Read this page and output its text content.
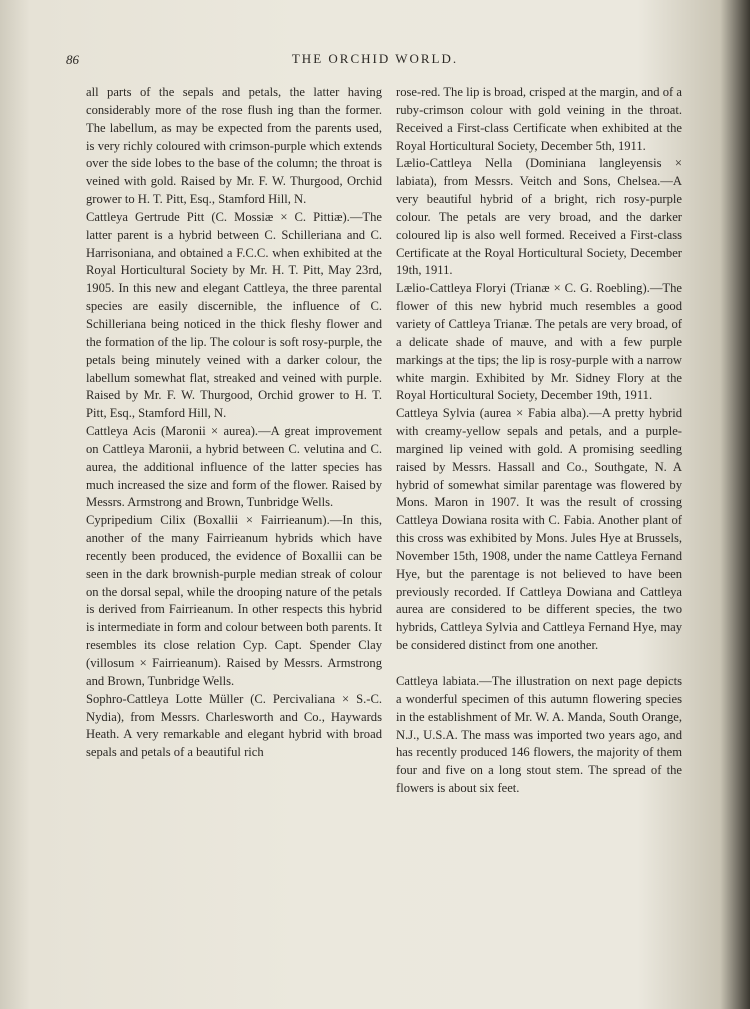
86	THE ORCHID WORLD.

all parts of the sepals and petals, the latter having considerably more of the rose flush ing than the former. The labellum, as may be expected from the parents used, is very richly coloured with crimson-purple which extends over the side lobes to the base of the column; the throat is veined with gold. Raised by Mr. F. W. Thurgood, Orchid grower to H. T. Pitt, Esq., Stamford Hill, N.

Cattleya Gertrude Pitt (C. Mossiæ × C. Pittiæ).—The latter parent is a hybrid between C. Schilleriana and C. Harrisoniana, and obtained a F.C.C. when exhibited at the Royal Horticultural Society by Mr. H. T. Pitt, May 23rd, 1905. In this new and elegant Cattleya, the three parental species are easily discernible, the influence of C. Schilleriana being noticed in the thick fleshy flower and the formation of the lip. The colour is soft rosy-purple, the petals being minutely veined with a darker colour, the labellum somewhat flat, streaked and veined with purple. Raised by Mr. F. W. Thurgood, Orchid grower to H. T. Pitt, Esq., Stamford Hill, N.

Cattleya Acis (Maronii × aurea).—A great improvement on Cattleya Maronii, a hybrid between C. velutina and C. aurea, the additional influence of the latter species has much increased the size and form of the flower. Raised by Messrs. Armstrong and Brown, Tunbridge Wells.

Cypripedium Cilix (Boxallii × Fairrieanum).—In this, another of the many Fairrieanum hybrids which have recently been produced, the evidence of Boxallii can be seen in the dark brownish-purple median streak of colour on the dorsal sepal, while the drooping nature of the petals is derived from Fairrieanum. In other respects this hybrid is intermediate in form and colour between both parents. It resembles its close relation Cyp. Capt. Spender Clay (villosum × Fairrieanum). Raised by Messrs. Armstrong and Brown, Tunbridge Wells.

Sophro-Cattleya Lotte Müller (C. Percivaliana × S.-C. Nydia), from Messrs. Charlesworth and Co., Haywards Heath. A very remarkable and elegant hybrid with broad sepals and petals of a beautiful rich

rose-red. The lip is broad, crisped at the margin, and of a ruby-crimson colour with gold veining in the throat. Received a First-class Certificate when exhibited at the Royal Horticultural Society, December 5th, 1911.

Lælio-Cattleya Nella (Dominiana langleyensis × labiata), from Messrs. Veitch and Sons, Chelsea.—A very beautiful hybrid of a bright, rich rosy-purple colour. The petals are very broad, and the darker coloured lip is also well formed. Received a First-class Certificate at the Royal Horticultural Society, December 19th, 1911.

Lælio-Cattleya Floryi (Trianæ × C. G. Roebling).—The flower of this new hybrid much resembles a good variety of Cattleya Trianæ. The petals are very broad, of a delicate shade of mauve, and with a few purple markings at the tips; the lip is rosy-purple with a narrow white margin. Exhibited by Mr. Sidney Flory at the Royal Horticultural Society, December 19th, 1911.

Cattleya Sylvia (aurea × Fabia alba).—A pretty hybrid with creamy-yellow sepals and petals, and a purple-margined lip veined with gold. A promising seedling raised by Messrs. Hassall and Co., Southgate, N. A hybrid of somewhat similar parentage was flowered by Mons. Maron in 1907. It was the result of crossing Cattleya Dowiana rosita with C. Fabia. Another plant of this cross was exhibited by Mons. Jules Hye at Brussels, November 15th, 1908, under the name Cattleya Fernand Hye, but the parentage is not believed to have been previously recorded. If Cattleya Dowiana and Cattleya aurea are considered to be different species, the two hybrids, Cattleya Sylvia and Cattleya Fernand Hye, may be considered distinct from one another.

Cattleya labiata.—The illustration on next page depicts a wonderful specimen of this autumn flowering species in the establishment of Mr. W. A. Manda, South Orange, N.J., U.S.A. The mass was imported two years ago, and has recently produced 146 flowers, the majority of them four and five on a long stout stem. The spread of the flowers is about six feet.
